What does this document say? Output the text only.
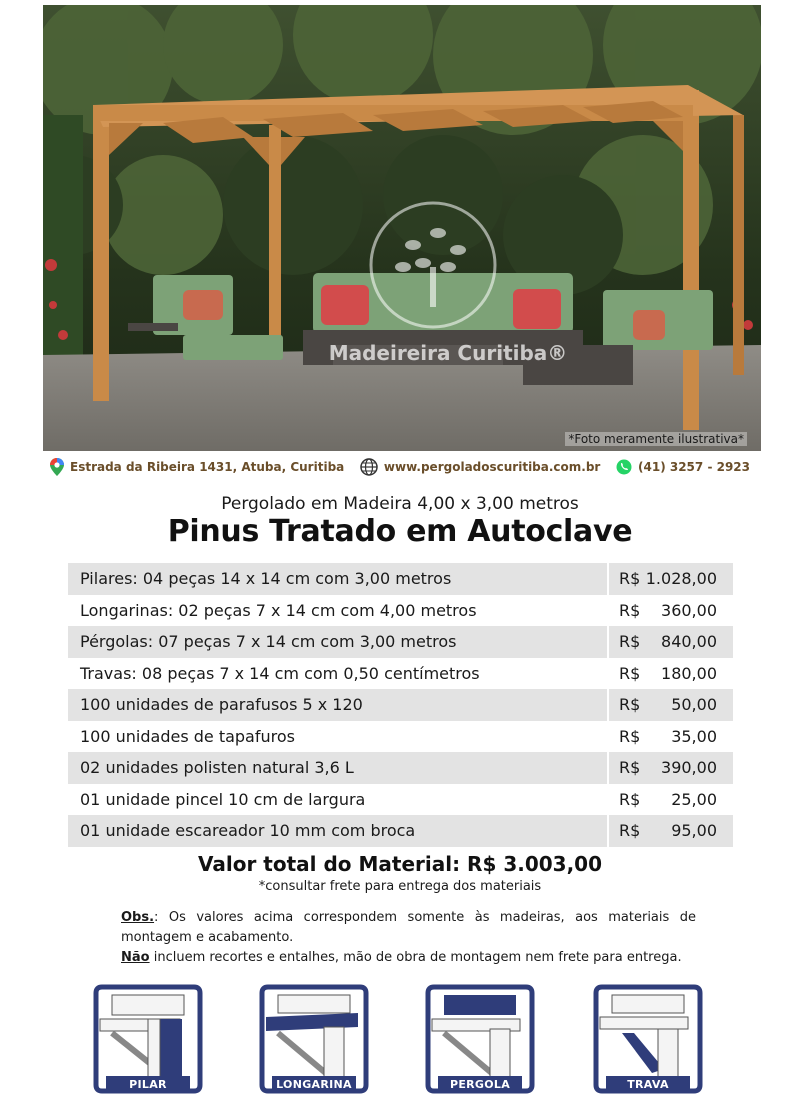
Madeireira Curitiba®
*Foto meramente ilustrativa*
Estrada da Ribeira 1431, Atuba, Curitiba	www.pergoladoscuritiba.com.br	(41) 3257 - 2923
Pergolado em Madeira 4,00 x 3,00 metros
Pinus Tratado em Autoclave
Pilares: 04 peças 14 x 14 cm com 3,00 metros	R$ 1.028,00
Longarinas: 02 peças 7 x 14 cm com 4,00 metros	R$ 360,00
Pérgolas: 07 peças 7 x 14 cm com 3,00 metros	R$ 840,00
Travas: 08 peças 7 x 14 cm com 0,50 centímetros	R$ 180,00
100 unidades de parafusos 5 x 120	R$ 50,00
100 unidades de tapafuros	R$ 35,00
02 unidades polisten natural 3,6 L	R$ 390,00
01 unidade pincel 10 cm de largura	R$ 25,00
01 unidade escareador 10 mm com broca	R$ 95,00
Valor total do Material: R$ 3.003,00
*consultar frete para entrega dos materiais
Obs.: Os valores acima correspondem somente às madeiras, aos materiais de montagem e acabamento.
Não incluem recortes e entalhes, mão de obra de montagem nem frete para entrega.
PILAR	LONGARINA	PERGOLA	TRAVA
